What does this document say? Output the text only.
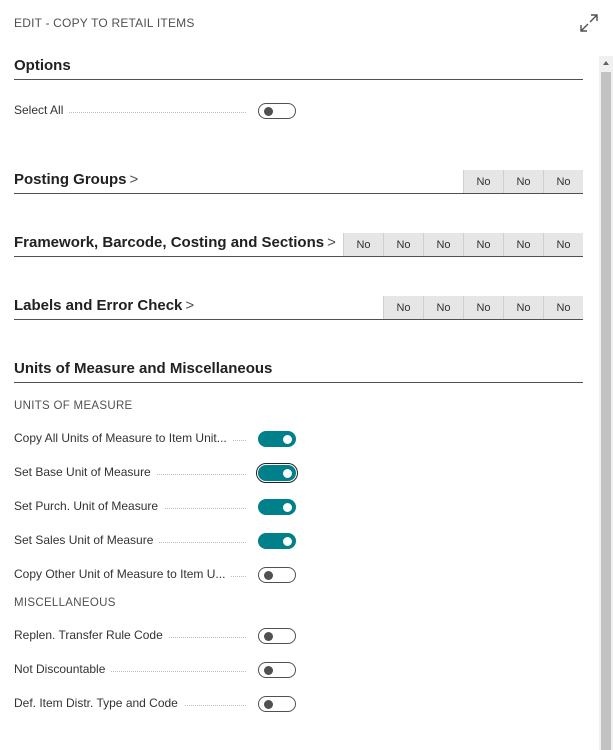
EDIT - COPY TO RETAIL ITEMS
Options
Select All
Posting Groups >	No	No	No
Framework, Barcode, Costing and Sections >	No	No	No	No	No	No
Labels and Error Check >	No	No	No	No	No
Units of Measure and Miscellaneous
UNITS OF MEASURE
Copy All Units of Measure to Item Unit...
Set Base Unit of Measure
Set Purch. Unit of Measure
Set Sales Unit of Measure
Copy Other Unit of Measure to Item U...
MISCELLANEOUS
Replen. Transfer Rule Code
Not Discountable
Def. Item Distr. Type and Code
